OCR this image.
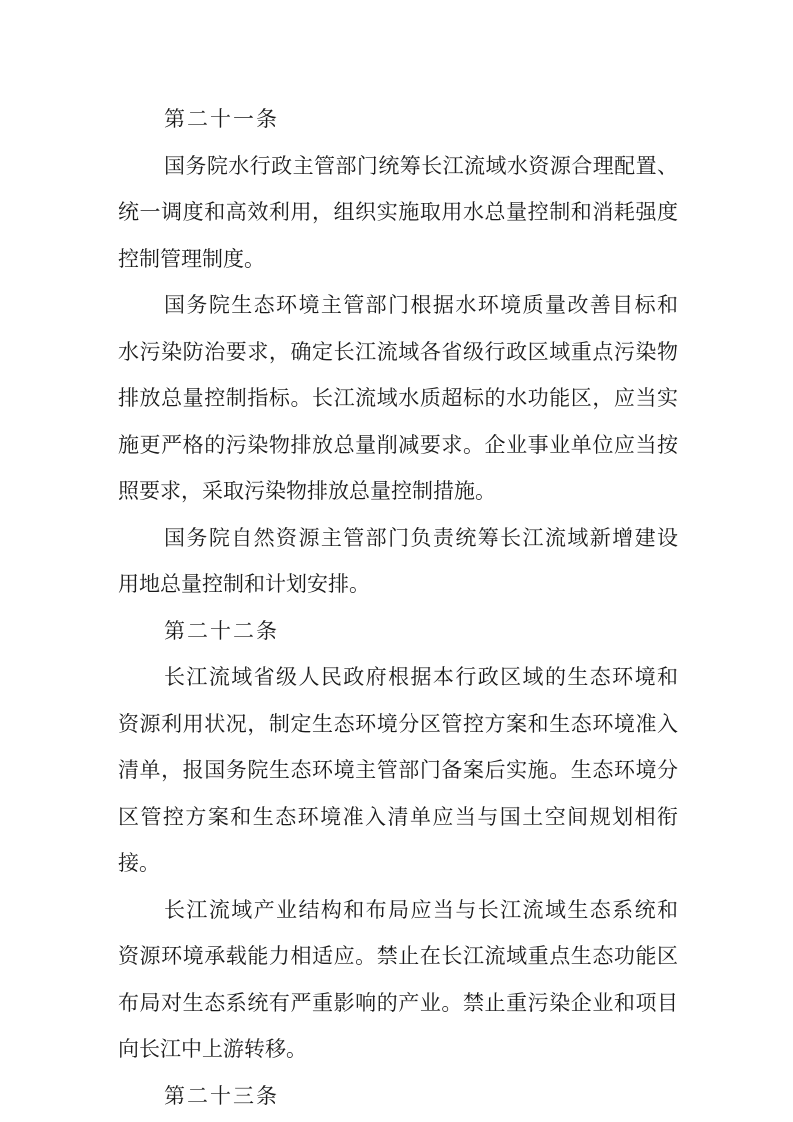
第二十一条
国务院水行政主管部门统筹长江流域水资源合理配置、
统一调度和高效利用，组织实施取用水总量控制和消耗强度
控制管理制度。
国务院生态环境主管部门根据水环境质量改善目标和
水污染防治要求，确定长江流域各省级行政区域重点污染物
排放总量控制指标。长江流域水质超标的水功能区，应当实
施更严格的污染物排放总量削减要求。企业事业单位应当按
照要求，采取污染物排放总量控制措施。
国务院自然资源主管部门负责统筹长江流域新增建设
用地总量控制和计划安排。
第二十二条
长江流域省级人民政府根据本行政区域的生态环境和
资源利用状况，制定生态环境分区管控方案和生态环境准入
清单，报国务院生态环境主管部门备案后实施。生态环境分
区管控方案和生态环境准入清单应当与国土空间规划相衔
接。
长江流域产业结构和布局应当与长江流域生态系统和
资源环境承载能力相适应。禁止在长江流域重点生态功能区
布局对生态系统有严重影响的产业。禁止重污染企业和项目
向长江中上游转移。
第二十三条
